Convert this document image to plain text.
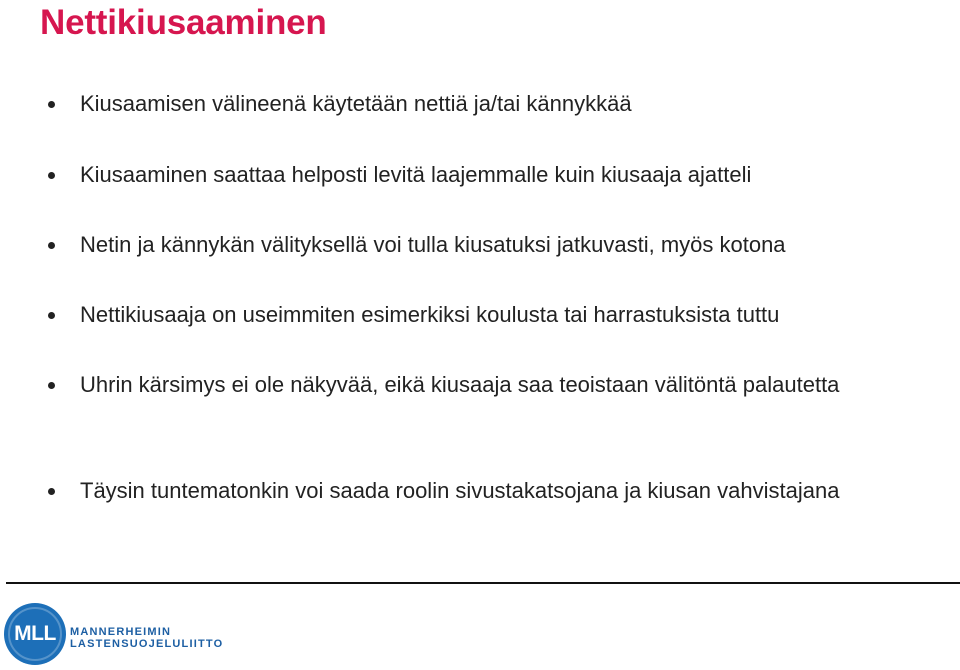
Nettikiusaaminen
Kiusaamisen välineenä käytetään nettiä ja/tai kännykkää
Kiusaaminen saattaa helposti levitä laajemmalle kuin kiusaaja ajatteli
Netin ja kännykän välityksellä voi tulla kiusatuksi jatkuvasti, myös kotona
Nettikiusaaja on useimmiten esimerkiksi koulusta tai harrastuksista tuttu
Uhrin kärsimys ei ole näkyvää, eikä kiusaaja saa teoistaan välitöntä palautetta
Täysin tuntematonkin voi saada roolin sivustakatsojana ja kiusan vahvistajana
MLL	MANNERHEIMIN
LASTENSUOJELULIITTO
